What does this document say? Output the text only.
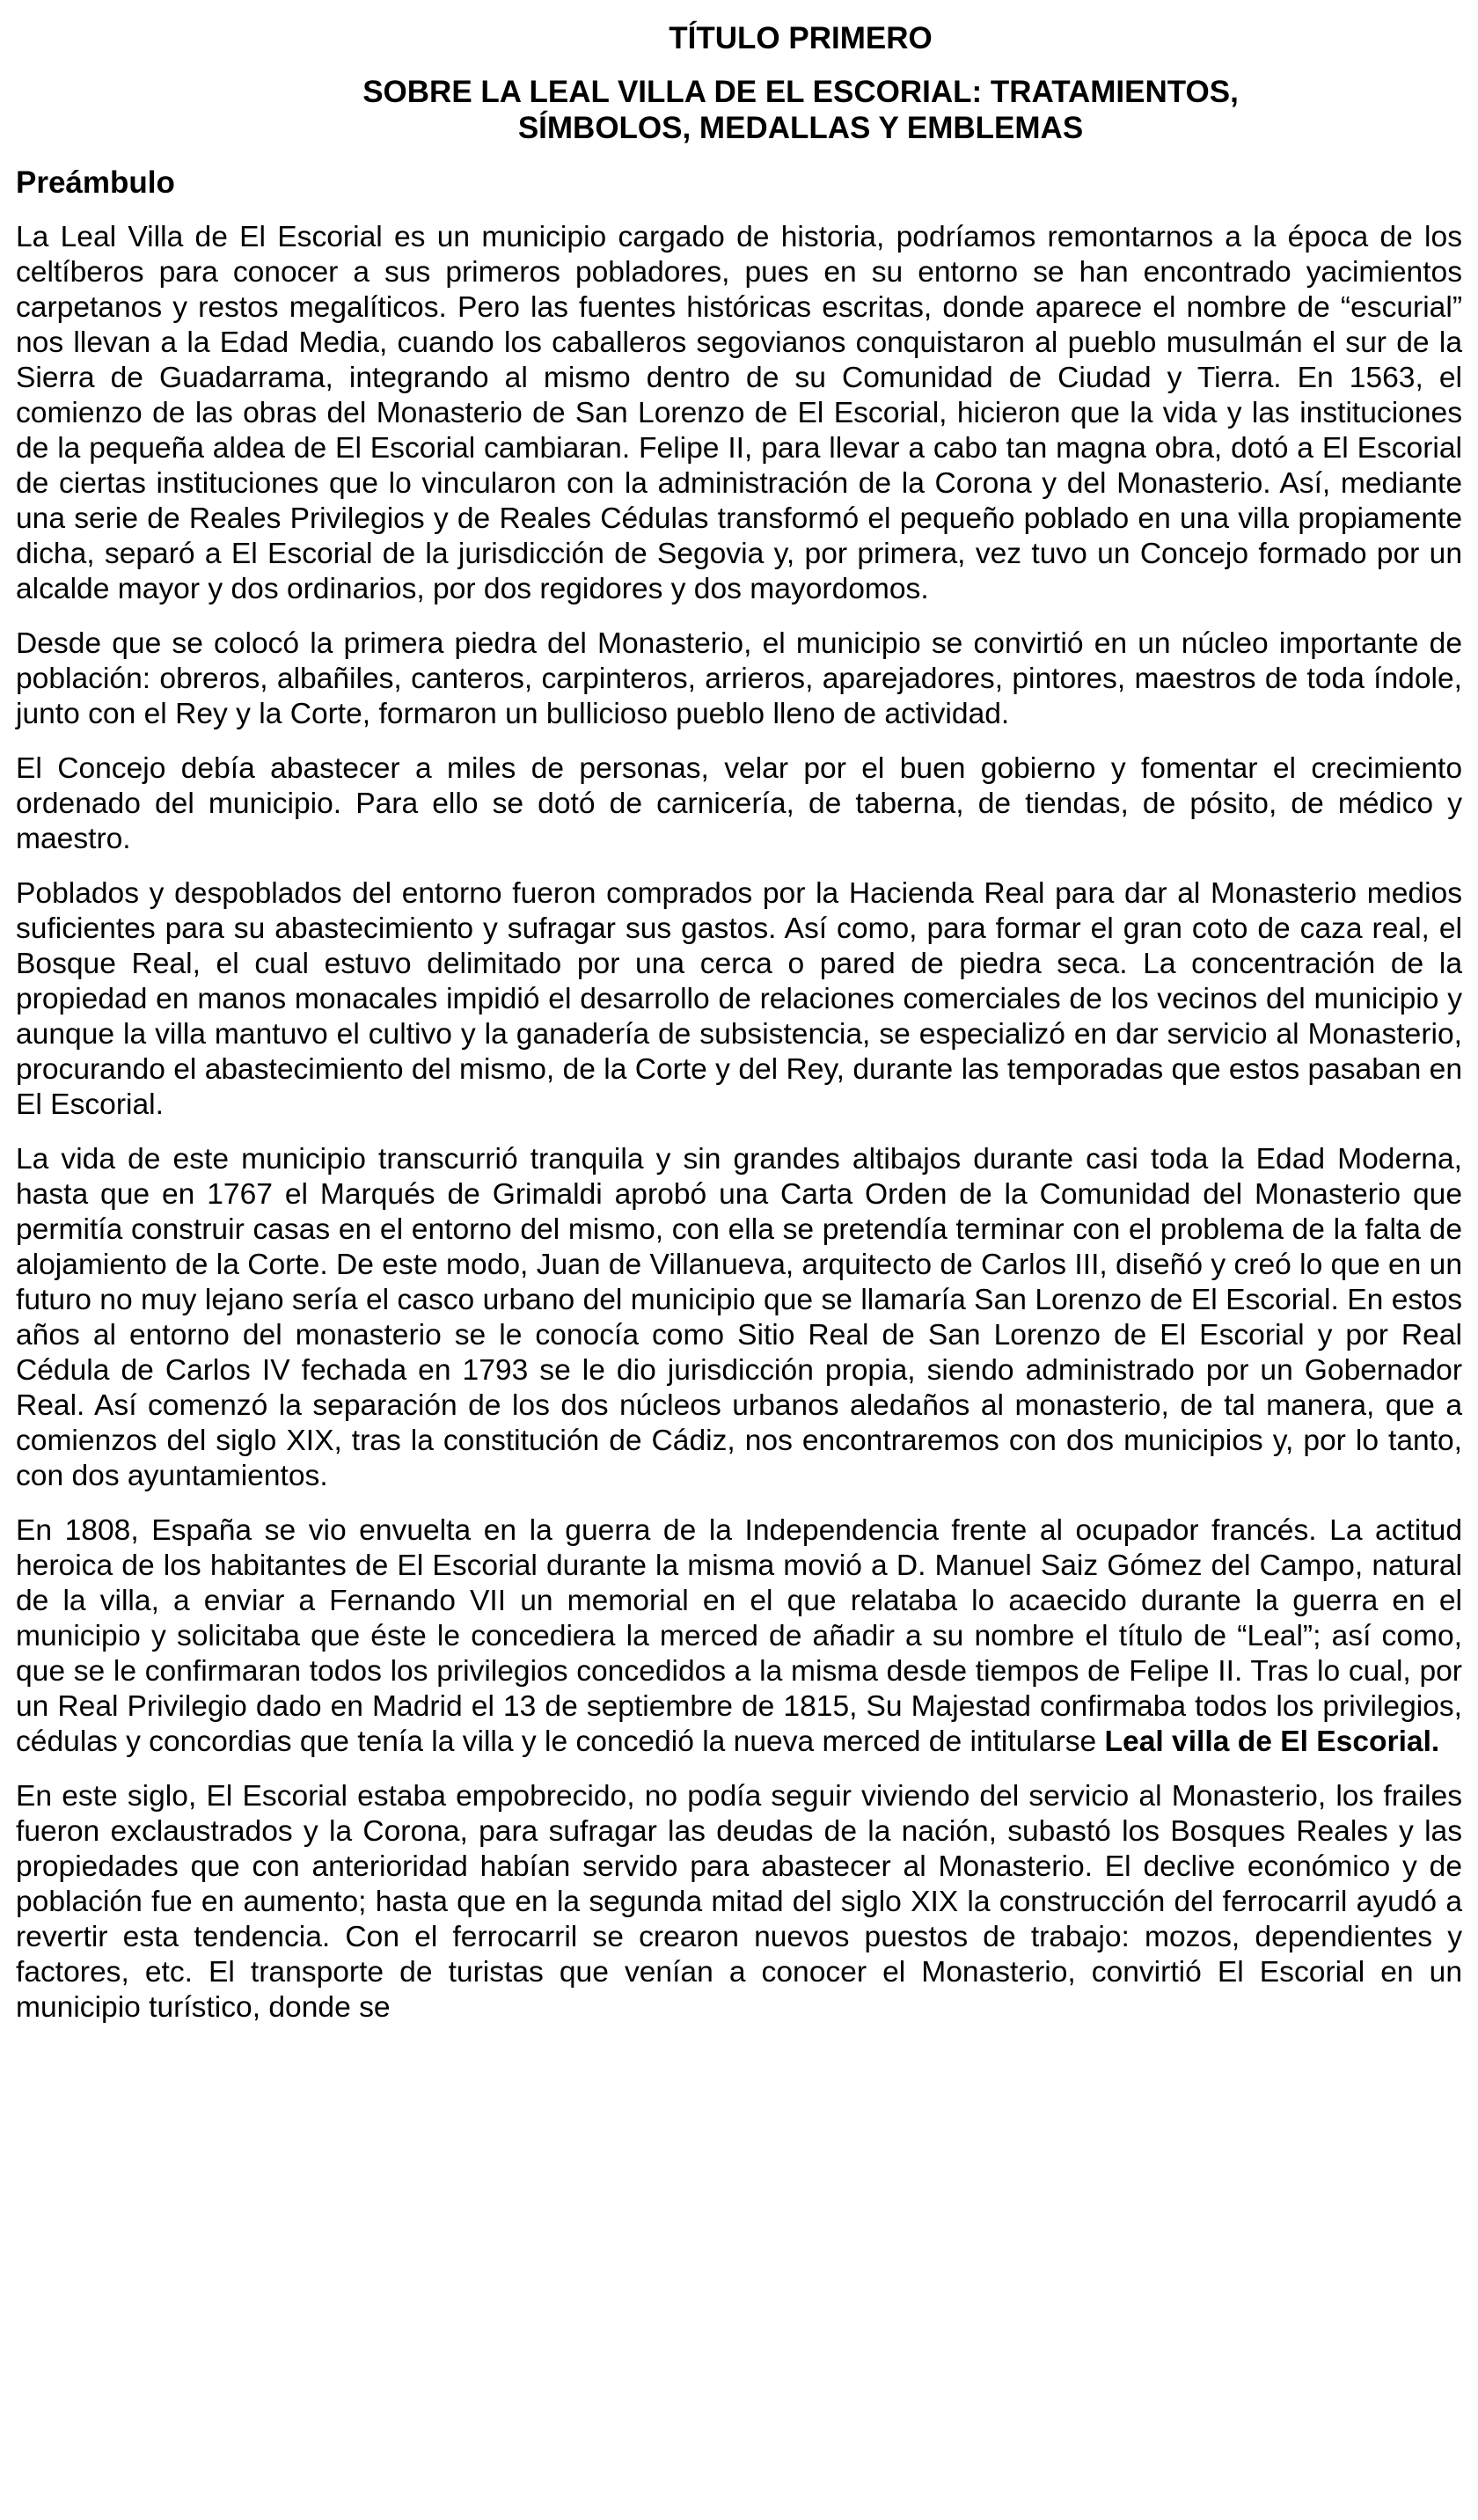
TÍTULO PRIMERO
SOBRE LA LEAL VILLA DE EL ESCORIAL: TRATAMIENTOS,
SÍMBOLOS, MEDALLAS Y EMBLEMAS
Preámbulo

La Leal Villa de El Escorial es un municipio cargado de historia, podríamos remontarnos a la época de los celtíberos para conocer a sus primeros pobladores, pues en su entorno se han encontrado yacimientos carpetanos y restos megalíticos. Pero las fuentes históricas escritas, donde aparece el nombre de “escurial” nos llevan a la Edad Media, cuando los caballeros segovianos conquistaron al pueblo musulmán el sur de la Sierra de Guadarrama, integrando al mismo dentro de su Comunidad de Ciudad y Tierra. En 1563, el comienzo de las obras del Monasterio de San Lorenzo de El Escorial, hicieron que la vida y las instituciones de la pequeña aldea de El Escorial cambiaran. Felipe II, para llevar a cabo tan magna obra, dotó a El Escorial de ciertas instituciones que lo vincularon con la administración de la Corona y del Monasterio. Así, mediante una serie de Reales Privilegios y de Reales Cédulas transformó el pequeño poblado en una villa propiamente dicha, separó a El Escorial de la jurisdicción de Segovia y, por primera, vez tuvo un Concejo formado por un alcalde mayor y dos ordinarios, por dos regidores y dos mayordomos.

Desde que se colocó la primera piedra del Monasterio, el municipio se convirtió en un núcleo importante de población: obreros, albañiles, canteros, carpinteros, arrieros, aparejadores, pintores, maestros de toda índole, junto con el Rey y la Corte, formaron un bullicioso pueblo lleno de actividad.

El Concejo debía abastecer a miles de personas, velar por el buen gobierno y fomentar el crecimiento ordenado del municipio. Para ello se dotó de carnicería, de taberna, de tiendas, de pósito, de médico y maestro.

Poblados y despoblados del entorno fueron comprados por la Hacienda Real para dar al Monasterio medios suficientes para su abastecimiento y sufragar sus gastos. Así como, para formar el gran coto de caza real, el Bosque Real, el cual estuvo delimitado por una cerca o pared de piedra seca. La concentración de la propiedad en manos monacales impidió el desarrollo de relaciones comerciales de los vecinos del municipio y aunque la villa mantuvo el cultivo y la ganadería de subsistencia, se especializó en dar servicio al Monasterio, procurando el abastecimiento del mismo, de la Corte y del Rey, durante las temporadas que estos pasaban en El Escorial.

La vida de este municipio transcurrió tranquila y sin grandes altibajos durante casi toda la Edad Moderna, hasta que en 1767 el Marqués de Grimaldi aprobó una Carta Orden de la Comunidad del Monasterio que permitía construir casas en el entorno del mismo, con ella se pretendía terminar con el problema de la falta de alojamiento de la Corte. De este modo, Juan de Villanueva, arquitecto de Carlos III, diseñó y creó lo que en un futuro no muy lejano sería el casco urbano del municipio que se llamaría San Lorenzo de El Escorial. En estos años al entorno del monasterio se le conocía como Sitio Real de San Lorenzo de El Escorial y por Real Cédula de Carlos IV fechada en 1793 se le dio jurisdicción propia, siendo administrado por un Gobernador Real. Así comenzó la separación de los dos núcleos urbanos aledaños al monasterio, de tal manera, que a comienzos del siglo XIX, tras la constitución de Cádiz, nos encontraremos con dos municipios y, por lo tanto, con dos ayuntamientos.

En 1808, España se vio envuelta en la guerra de la Independencia frente al ocupador francés. La actitud heroica de los habitantes de El Escorial durante la misma movió a D. Manuel Saiz Gómez del Campo, natural de la villa, a enviar a Fernando VII un memorial en el que relataba lo acaecido durante la guerra en el municipio y solicitaba que éste le concediera la merced de añadir a su nombre el título de “Leal”; así como, que se le confirmaran todos los privilegios concedidos a la misma desde tiempos de Felipe II. Tras lo cual, por un Real Privilegio dado en Madrid el 13 de septiembre de 1815, Su Majestad confirmaba todos los privilegios, cédulas y concordias que tenía la villa y le concedió la nueva merced de intitularse Leal villa de El Escorial.

En este siglo, El Escorial estaba empobrecido, no podía seguir viviendo del servicio al Monasterio, los frailes fueron exclaustrados y la Corona, para sufragar las deudas de la nación, subastó los Bosques Reales y las propiedades que con anterioridad habían servido para abastecer al Monasterio. El declive económico y de población fue en aumento; hasta que en la segunda mitad del siglo XIX la construcción del ferrocarril ayudó a revertir esta tendencia. Con el ferrocarril se crearon nuevos puestos de trabajo: mozos, dependientes y factores, etc. El transporte de turistas que venían a conocer el Monasterio, convirtió El Escorial en un municipio turístico, donde se
